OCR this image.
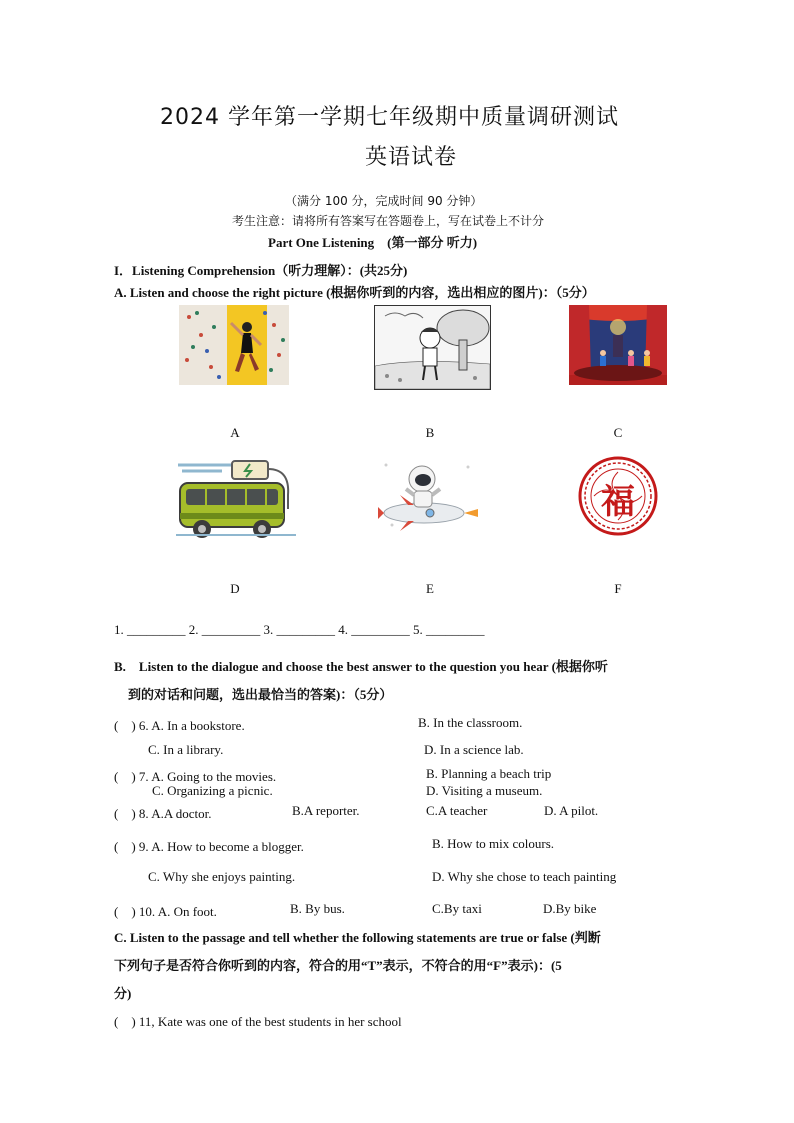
2024 学年第一学期七年级期中质量调研测试
英语试卷
（满分 100 分，完成时间 90 分钟）
考生注意：请将所有答案写在答题卷上，写在试卷上不计分
Part One Listening　(第一部分 听力)
I．Listening Comprehension（听力理解）：(共25分)
A. Listen and choose the right picture (根据你听到的内容，选出相应的图片)：（5分）
A	B	C
D	E
福
F
1. _________ 2. _________ 3. _________ 4. _________ 5. _________
B.　Listen to the dialogue and choose the best answer to the question you hear (根据你听
到的对话和问题，选出最恰当的答案)：（5分）
(　) 6. A. In a bookstore.	B. In the classroom.
C. In a library.	D. In a science lab.
(　) 7. A. Going to the movies.	B. Planning a beach trip
C. Organizing a picnic.	D. Visiting a museum.
(　) 8. A.A doctor.	B.A reporter.	C.A teacher	D. A pilot.
(　) 9. A. How to become a blogger.	B. How to mix colours.
C. Why she enjoys painting.	D. Why she chose to teach painting
(　) 10. A. On foot.	B. By bus.	C.By taxi	D.By bike
C. Listen to the passage and tell whether the following statements are true or false (判断
下列句子是否符合你听到的内容，符合的用“T”表示，不符合的用“F”表示)：(5
分)
(　) 11, Kate was one of the best students in her school
